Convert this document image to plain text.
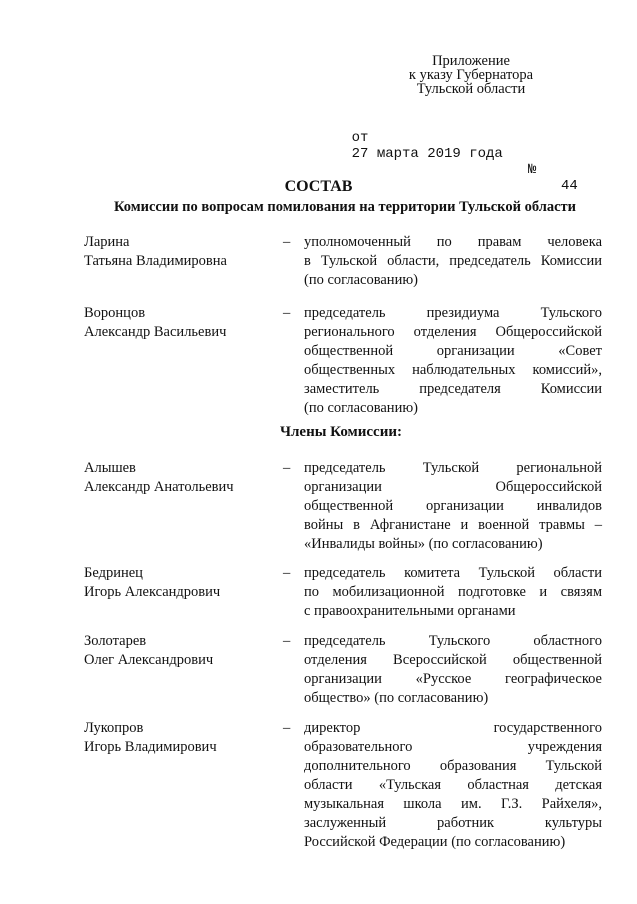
Приложение
к указу Губернатора
Тульской области

от
27 марта 2019 года

№

44

СОСТАВ
Комиссии по вопросам помилования на территории Тульской области
Ларина
Татьяна Владимировна
– уполномоченный по правам человека
в Тульской области, председатель Комиссии
(по согласованию)
Воронцов
Александр Васильевич
– председатель президиума Тульского
регионального отделения Общероссийской
общественной организации «Совет
общественных наблюдательных комиссий»,
заместитель председателя Комиссии
(по согласованию)
Члены Комиссии:
Алышев
Александр Анатольевич
– председатель Тульской региональной
организации Общероссийской
общественной организации инвалидов
войны в Афганистане и военной травмы –
«Инвалиды войны» (по согласованию)
Бедринец
Игорь Александрович
– председатель комитета Тульской области
по мобилизационной подготовке и связям
с правоохранительными органами
Золотарев
Олег Александрович
– председатель Тульского областного
отделения Всероссийской общественной
организации «Русское географическое
общество» (по согласованию)
Лукопров
Игорь Владимирович
– директор государственного
образовательного учреждения
дополнительного образования Тульской
области «Тульская областная детская
музыкальная школа им. Г.З. Райхеля»,
заслуженный работник культуры
Российской Федерации (по согласованию)
